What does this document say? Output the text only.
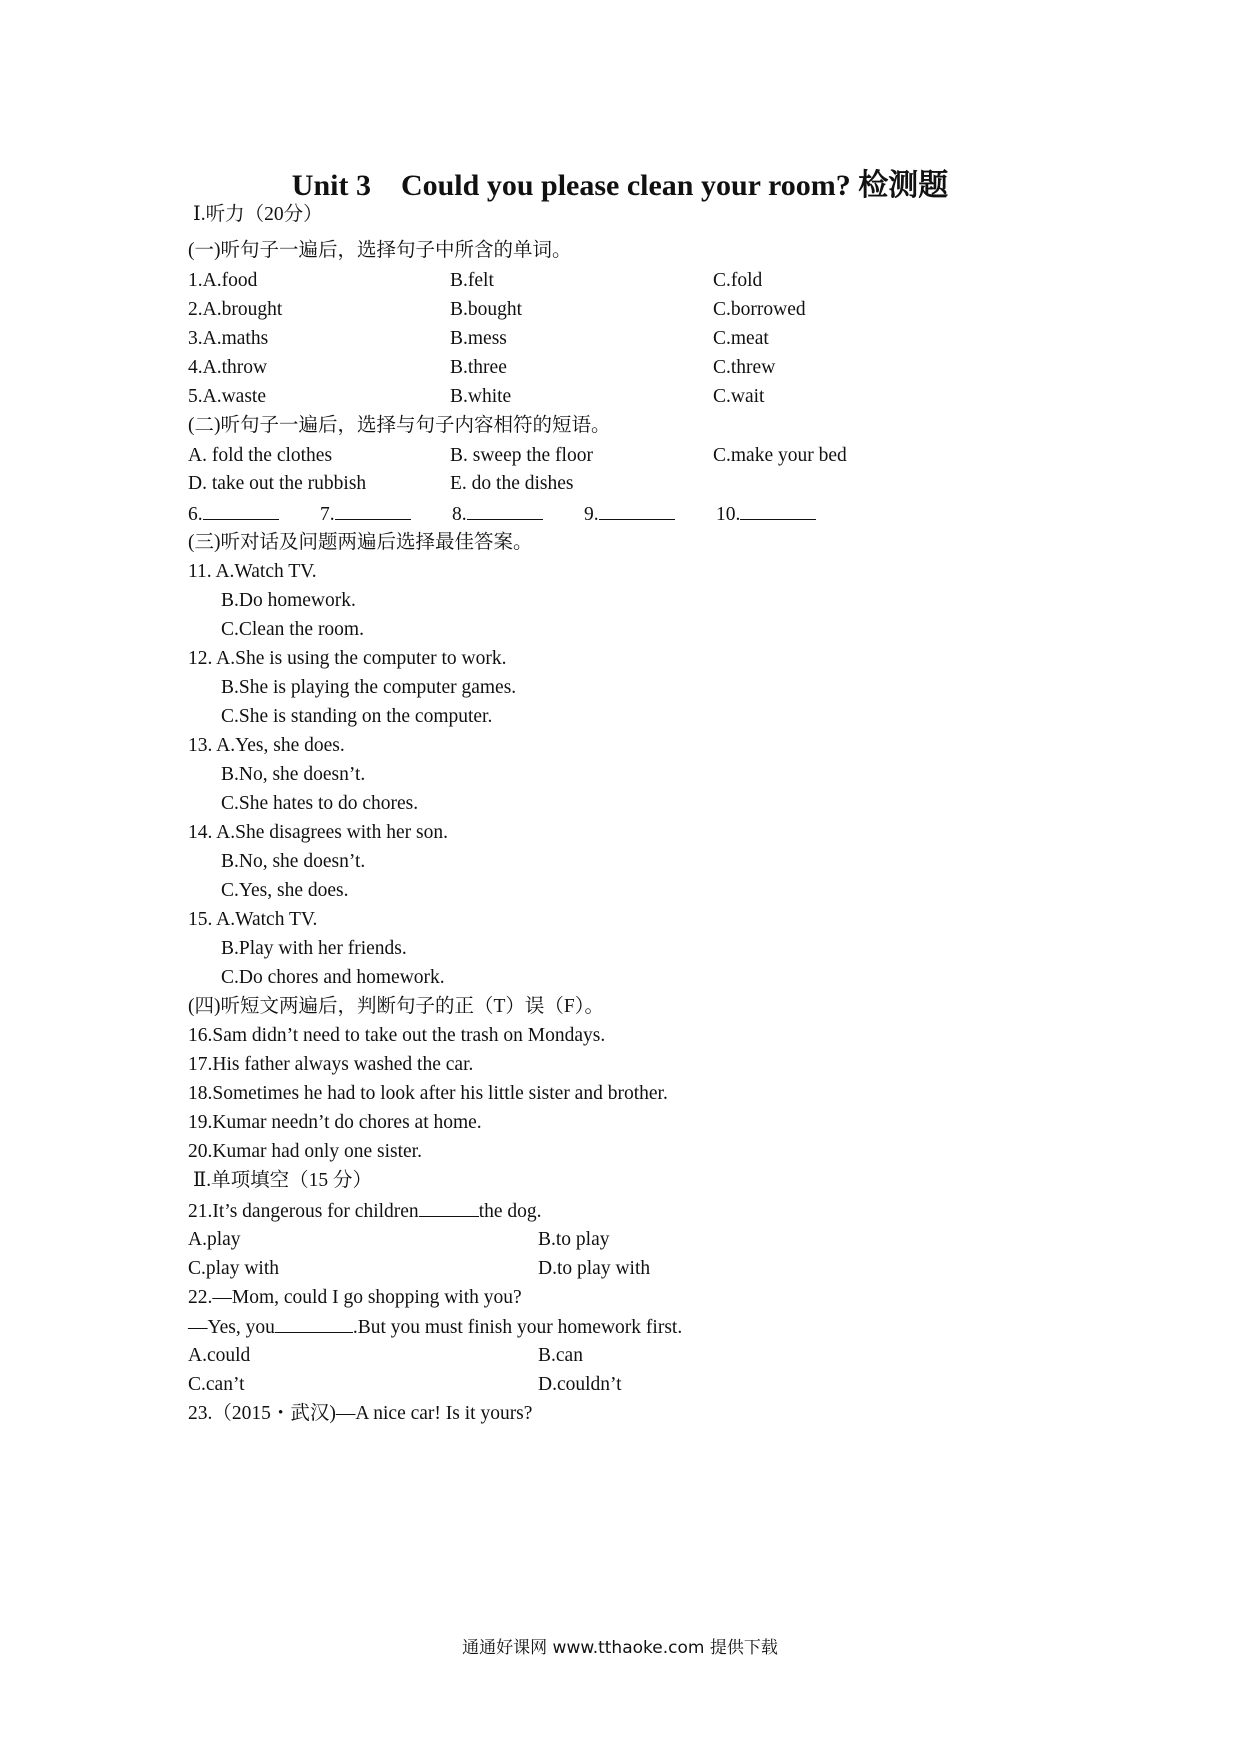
Unit 3　Could you please clean your room? 检测题
Ⅰ.听力（20分）
(一)听句子一遍后，选择句子中所含的单词。
1.A.food	B.felt	C.fold
2.A.brought	B.bought	C.borrowed
3.A.maths	B.mess	C.meat
4.A.throw	B.three	C.threw
5.A.waste	B.white	C.wait
(二)听句子一遍后，选择与句子内容相符的短语。
A. fold the clothes	B. sweep the floor	C.make your bed
D. take out the rubbish	E. do the dishes
6.	7.	8.	9.	10.
(三)听对话及问题两遍后选择最佳答案。
11. A.Watch TV.
B.Do homework.
C.Clean the room.
12. A.She is using the computer to work.
B.She is playing the computer games.
C.She is standing on the computer.
13. A.Yes, she does.
B.No, she doesn’t.
C.She hates to do chores.
14. A.She disagrees with her son.
B.No, she doesn’t.
C.Yes, she does.
15. A.Watch TV.
B.Play with her friends.
C.Do chores and homework.
(四)听短文两遍后，判断句子的正（T）误（F）。
16.Sam didn’t need to take out the trash on Mondays.
17.His father always washed the car.
18.Sometimes he had to look after his little sister and brother.
19.Kumar needn’t do chores at home.
20.Kumar had only one sister.
Ⅱ.单项填空（15 分）
21.It’s dangerous for children	the dog.
A.play	B.to play
C.play with	D.to play with
22.—Mom, could I go shopping with you?
—Yes, you	.But you must finish your homework first.
A.could	B.can
C.can’t	D.couldn’t
23.（2015・武汉)—A nice car! Is it yours?
通通好课网 www.tthaoke.com 提供下载
